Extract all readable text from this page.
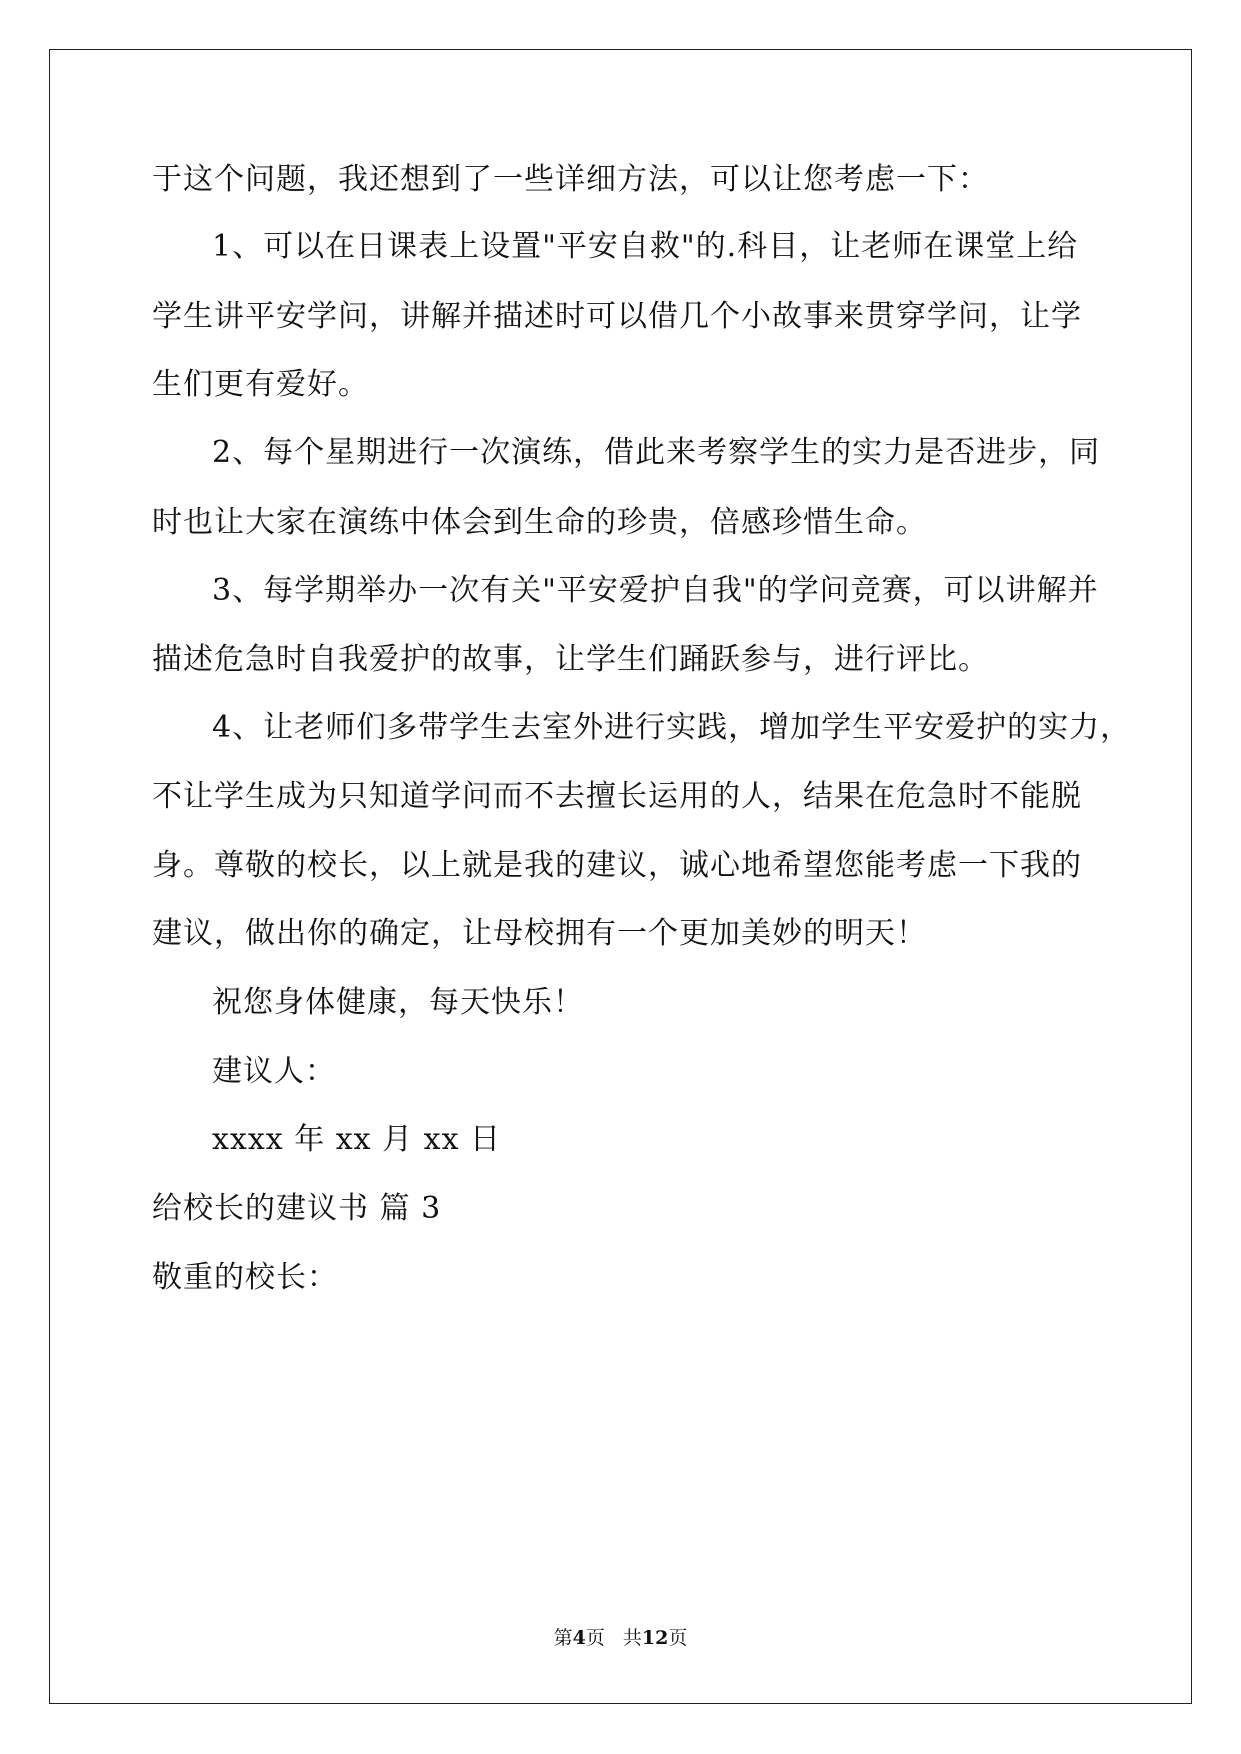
于这个问题，我还想到了一些详细方法，可以让您考虑一下：
1、可以在日课表上设置"平安自救"的.科目，让老师在课堂上给
学生讲平安学问，讲解并描述时可以借几个小故事来贯穿学问，让学
生们更有爱好。
2、每个星期进行一次演练，借此来考察学生的实力是否进步，同
时也让大家在演练中体会到生命的珍贵，倍感珍惜生命。
3、每学期举办一次有关"平安爱护自我"的学问竞赛，可以讲解并
描述危急时自我爱护的故事，让学生们踊跃参与，进行评比。
4、让老师们多带学生去室外进行实践，增加学生平安爱护的实力，
不让学生成为只知道学问而不去擅长运用的人，结果在危急时不能脱
身。尊敬的校长，以上就是我的建议，诚心地希望您能考虑一下我的
建议，做出你的确定，让母校拥有一个更加美妙的明天！
祝您身体健康，每天快乐！
建议人：
xxxx 年 xx 月 xx 日
给校长的建议书 篇 3
敬重的校长：
第4页 共12页
